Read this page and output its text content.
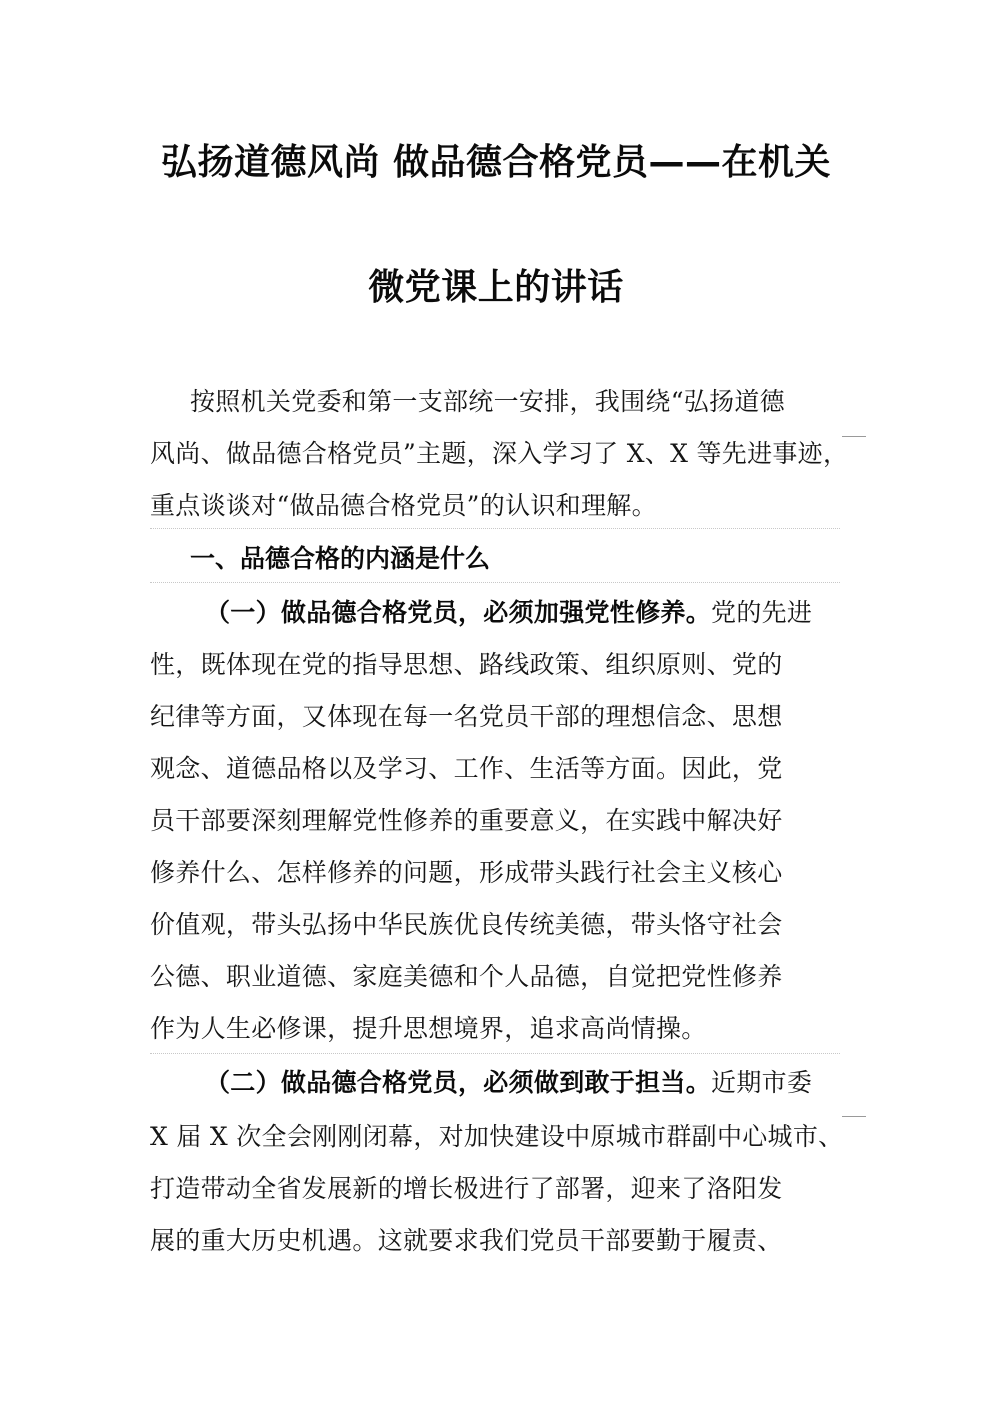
弘扬道德风尚 做品德合格党员——在机关
微党课上的讲话
按照机关党委和第一支部统一安排，我围绕“弘扬道德
风尚、做品德合格党员”主题，深入学习了 X、X 等先进事迹，
重点谈谈对“做品德合格党员”的认识和理解。
一、品德合格的内涵是什么
（一）做品德合格党员，必须加强党性修养。党的先进
性，既体现在党的指导思想、路线政策、组织原则、党的
纪律等方面，又体现在每一名党员干部的理想信念、思想
观念、道德品格以及学习、工作、生活等方面。因此，党
员干部要深刻理解党性修养的重要意义，在实践中解决好
修养什么、怎样修养的问题，形成带头践行社会主义核心
价值观，带头弘扬中华民族优良传统美德，带头恪守社会
公德、职业道德、家庭美德和个人品德，自觉把党性修养
作为人生必修课，提升思想境界，追求高尚情操。
（二）做品德合格党员，必须做到敢于担当。近期市委
X 届 X 次全会刚刚闭幕，对加快建设中原城市群副中心城市、
打造带动全省发展新的增长极进行了部署，迎来了洛阳发
展的重大历史机遇。这就要求我们党员干部要勤于履责、
